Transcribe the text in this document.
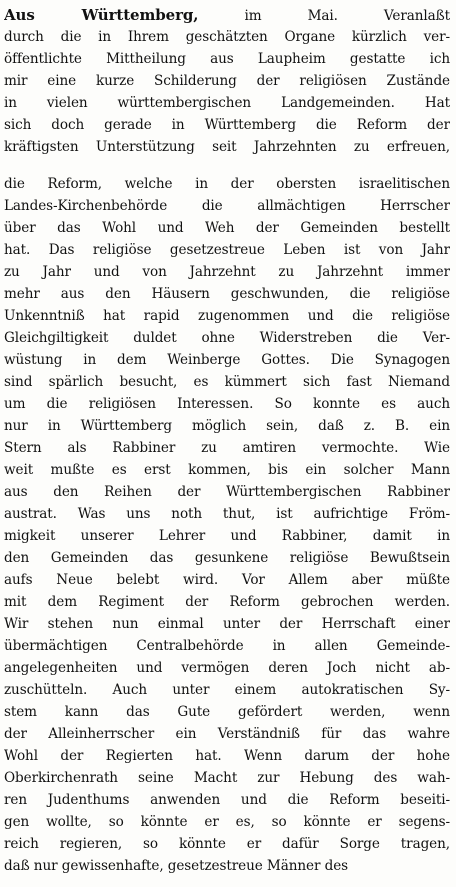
Aus Württemberg, im Mai. Veranlaßt
durch die in Ihrem geschätzten Organe kürzlich ver-
öffentlichte Mittheilung aus Laupheim gestatte ich
mir eine kurze Schilderung der religiösen Zustände
in vielen württembergischen Landgemeinden. Hat
sich doch gerade in Württemberg die Reform der
kräftigsten Unterstützung seit Jahrzehnten zu erfreuen,
die Reform, welche in der obersten israelitischen
Landes-Kirchenbehörde die allmächtigen Herrscher
über das Wohl und Weh der Gemeinden bestellt
hat. Das religiöse gesetzestreue Leben ist von Jahr
zu Jahr und von Jahrzehnt zu Jahrzehnt immer
mehr aus den Häusern geschwunden, die religiöse
Unkenntniß hat rapid zugenommen und die religiöse
Gleichgiltigkeit duldet ohne Widerstreben die Ver-
wüstung in dem Weinberge Gottes. Die Synagogen
sind spärlich besucht, es kümmert sich fast Niemand
um die religiösen Interessen. So konnte es auch
nur in Württemberg möglich sein, daß z. B. ein
Stern als Rabbiner zu amtiren vermochte. Wie
weit mußte es erst kommen, bis ein solcher Mann
aus den Reihen der Württembergischen Rabbiner
austrat. Was uns noth thut, ist aufrichtige Fröm-
migkeit unserer Lehrer und Rabbiner, damit in
den Gemeinden das gesunkene religiöse Bewußtsein
aufs Neue belebt wird. Vor Allem aber müßte
mit dem Regiment der Reform gebrochen werden.
Wir stehen nun einmal unter der Herrschaft einer
übermächtigen Centralbehörde in allen Gemeinde-
angelegenheiten und vermögen deren Joch nicht ab-
zuschütteln. Auch unter einem autokratischen Sy-
stem kann das Gute gefördert werden, wenn
der Alleinherrscher ein Verständniß für das wahre
Wohl der Regierten hat. Wenn darum der hohe
Oberkirchenrath seine Macht zur Hebung des wah-
ren Judenthums anwenden und die Reform beseiti-
gen wollte, so könnte er es, so könnte er segens-
reich regieren, so könnte er dafür Sorge tragen,
daß nur gewissenhafte, gesetzestreue Männer des
